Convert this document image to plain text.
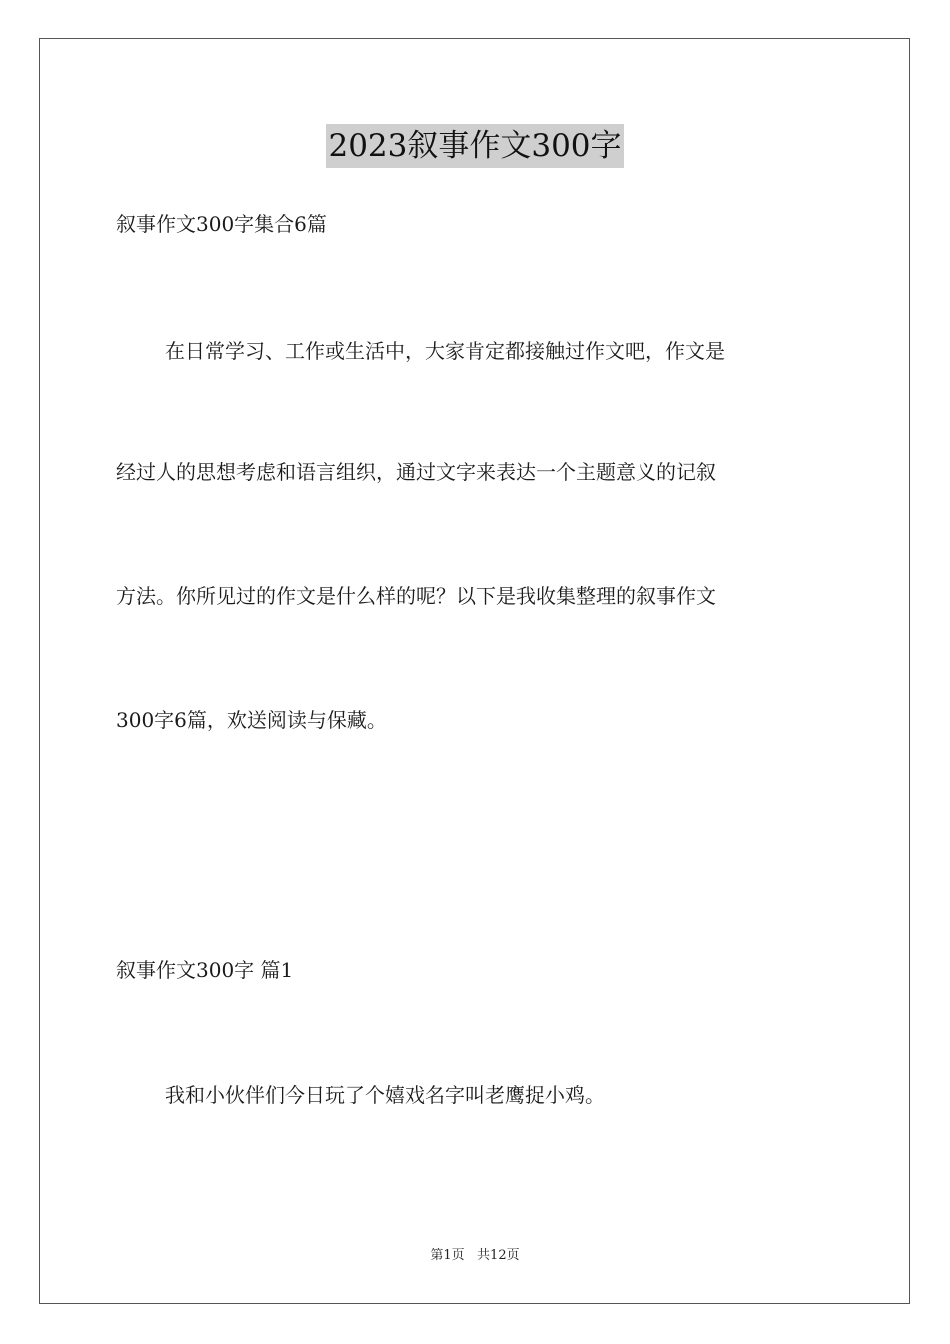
2023叙事作文300字
叙事作文300字集合6篇
在日常学习、工作或生活中，大家肯定都接触过作文吧，作文是
经过人的思想考虑和语言组织，通过文字来表达一个主题意义的记叙
方法。你所见过的作文是什么样的呢？以下是我收集整理的叙事作文
300字6篇，欢送阅读与保藏。
叙事作文300字 篇1
我和小伙伴们今日玩了个嬉戏名字叫老鹰捉小鸡。
第1页   共12页
